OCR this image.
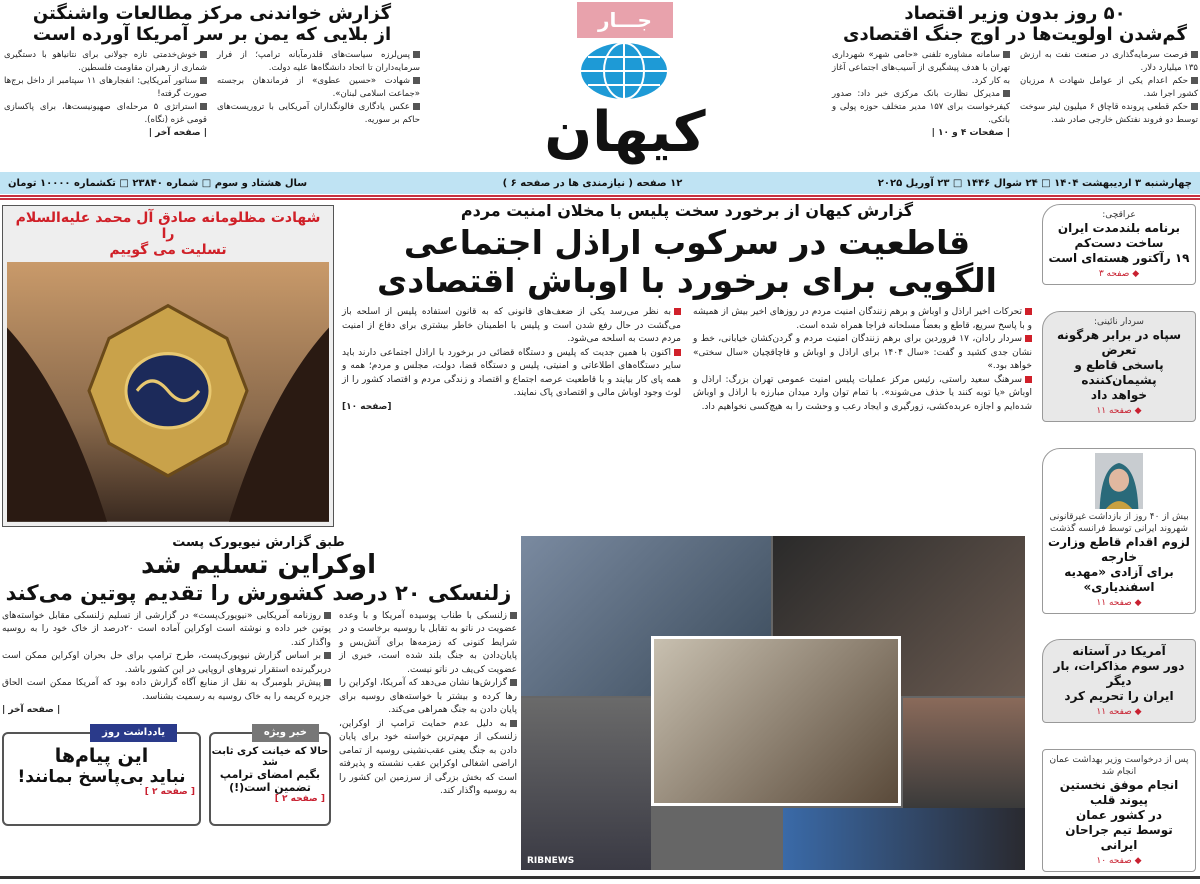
۵۰ روز بدون وزیر اقتصاد
گم‌شدن اولویت‌ها در اوج جنگ اقتصادی

فرصت سرمایه‌گذاری در صنعت نفت به ارزش ۱۳۵ میلیارد دلار.

حکم اعدام یکی از عوامل شهادت ۸ مرزبان کشور اجرا شد.

حکم قطعی پرونده قاچاق ۶ میلیون لیتر سوخت توسط دو فروند نفتکش خارجی صادر شد.

سامانه مشاوره تلفنی «حامی شهر» شهرداری تهران با هدف پیشگیری از آسیب‌های اجتماعی آغاز به کار کرد.

مدیرکل نظارت بانک مرکزی خبر داد: صدور کیفرخواست برای ۱۵۷ مدیر متخلف حوزه پولی و بانکی.

| صفحات ۴ و ۱۰ |

جـــار
کیهان
گزارش خواندنی مرکز مطالعات واشنگتن
از بلایی که یمن بر سر آمریکا آورده است

پس‌لرزه سیاست‌های قلدرمآبانه ترامپ؛ از فرار سرمایه‌داران تا اتحاد دانشگاه‌ها علیه دولت.

شهادت «حسین عطوی» از فرماندهان برجسته «جماعت اسلامی لبنان».

عکس یادگاری فالونگذاران آمریکایی با تروریست‌های حاکم بر سوریه.

خوش‌خدمتی تازه جولانی برای نتانیاهو با دستگیری شماری از رهبران مقاومت فلسطین.

سناتور آمریکایی: انفجارهای ۱۱ سپتامبر از داخل برج‌ها صورت گرفته!

استراتژی ۵ مرحله‌ای صهیونیست‌ها، برای پاکسازی قومی غزه (نگاه).

| صفحه آخر |

چهارشنبه ۳ اردیبهشت ۱۴۰۴ □ ۲۴ شوال ۱۴۴۶ □ ۲۳ آوریل ۲۰۲۵
۱۲ صفحه ( نیازمندی ها در صفحه ۶ )
سال هشتاد و سوم □ شماره ۲۳۸۴۰ □ تکشماره ۱۰۰۰۰ تومان
شهادت مظلومانه صادق آل محمد علیه‌السلام را
تسلیت می گوییم
گزارش کیهان از برخورد سخت پلیس با مخلان امنیت مردم
قاطعیت در سرکوب اراذل اجتماعی
الگویی برای برخورد با اوباش اقتصادی

تحرکات اخیر اراذل و اوباش و برهم زنندگان امنیت مردم در روزهای اخیر بیش از همیشه و با پاسخ سریع، قاطع و بعضاً مسلحانه فراجا همراه شده است.

سردار رادان، ۱۷ فروردین برای برهم زنندگان امنیت مردم و گردن‌کشان خیابانی، خط و نشان جدی کشید و گفت: «سال ۱۴۰۴ برای اراذل و اوباش و قاچاقچیان «سال سختی» خواهد بود.»

سرهنگ سعید راستی، رئیس مرکز عملیات پلیس امنیت عمومی تهران بزرگ: اراذل و اوباش «یا توبه کنند یا حذف می‌شوند». با تمام توان وارد میدان مبارزه با اراذل و اوباش شده‌ایم و اجازه عربده‌کشی، زورگیری و ایجاد رعب و وحشت را به هیچ‌کسی نخواهیم داد.

به نظر می‌رسد یکی از ضعف‌های قانونی که به قانون استفاده پلیس از اسلحه باز می‌گشت در حال رفع شدن است و پلیس با اطمینان خاطر بیشتری برای دفاع از امنیت مردم دست به اسلحه می‌شود.

اکنون با همین جدیت که پلیس و دستگاه قضائی در برخورد با اراذل اجتماعی دارند باید سایر دستگاه‌های اطلاعاتی و امنیتی، پلیس و دستگاه قضا، دولت، مجلس و مردم؛ همه و همه پای کار بیایند و با قاطعیت عرصه اجتماع و اقتصاد و زندگی مردم و اقتصاد کشور را از لوث وجود اوباش مالی و اقتصادی پاک نمایند.

[صفحه ۱۰]

RIBNEWS
طبق گزارش نیویورک پست
اوکراین تسلیم شد
زلنسکی ۲۰ درصد کشورش را تقدیم پوتین می‌کند

زلنسکی با طناب پوسیده آمریکا و با وعده عضویت در ناتو به تقابل با روسیه برخاست و در شرایط کنونی که زمزمه‌ها برای آتش‌بس و پایان‌دادن به جنگ بلند شده است، خبری از عضویت کی‌یف در ناتو نیست.

گزارش‌ها نشان می‌دهد که آمریکا، اوکراین را رها کرده و بیشتر با خواسته‌های روسیه برای پایان دادن به جنگ همراهی می‌کند.

به دلیل عدم حمایت ترامپ از اوکراین، زلنسکی از مهم‌ترین خواسته خود برای پایان دادن به جنگ یعنی عقب‌نشینی روسیه از تمامی اراضی اشغالی اوکراین عقب نشسته و پذیرفته است که بخش بزرگی از سرزمین این کشور را به روسیه واگذار کند.

روزنامه آمریکایی «نیویورک‌پست» در گزارشی از تسلیم زلنسکی مقابل خواسته‌های پوتین خبر داده و نوشته است اوکراین آماده است ۲۰درصد از خاک خود را به روسیه واگذار کند.

بر اساس گزارش نیویورک‌پست، طرح ترامپ برای حل بحران اوکراین ممکن است دربرگیرنده استقرار نیروهای اروپایی در این کشور باشد.

پیش‌تر بلومبرگ به نقل از منابع آگاه گزارش داده بود که آمریکا ممکن است الحاق جزیره کریمه را به خاک روسیه به رسمیت بشناسد.

| صفحه آخر |

خبر ویژه
حالا که خیانت کری ثابت شد
بگیم امضای ترامپ
تضمین است(!)
[ صفحه ۲ ]
یادداشت روز
این پیام‌ها
نباید بی‌پاسخ بمانند!
[ صفحه ۲ ]
عراقچی:
برنامه بلندمدت ایران
ساخت دست‌کم
۱۹ رآکتور هسته‌ای است
◆ صفحه ۳
سردار نائینی:
سپاه در برابر هرگونه تعرض
پاسخی قاطع و پشیمان‌کننده
خواهد داد
◆ صفحه ۱۱
بیش از ۴۰ روز از بازداشت غیرقانونی شهروند ایرانی توسط فرانسه گذشت
لزوم اقدام قاطع وزارت خارجه
برای آزادی «مهدیه اسفندیاری»
◆ صفحه ۱۱
آمریکا در آستانه
دور سوم مذاکرات، بار دیگر
ایران را تحریم کرد
◆ صفحه ۱۱
پس از درخواست وزیر بهداشت عمان انجام شد
انجام موفق نخستین پیوند قلب
در کشور عمان
توسط تیم جراحان ایرانی
◆ صفحه ۱۰
